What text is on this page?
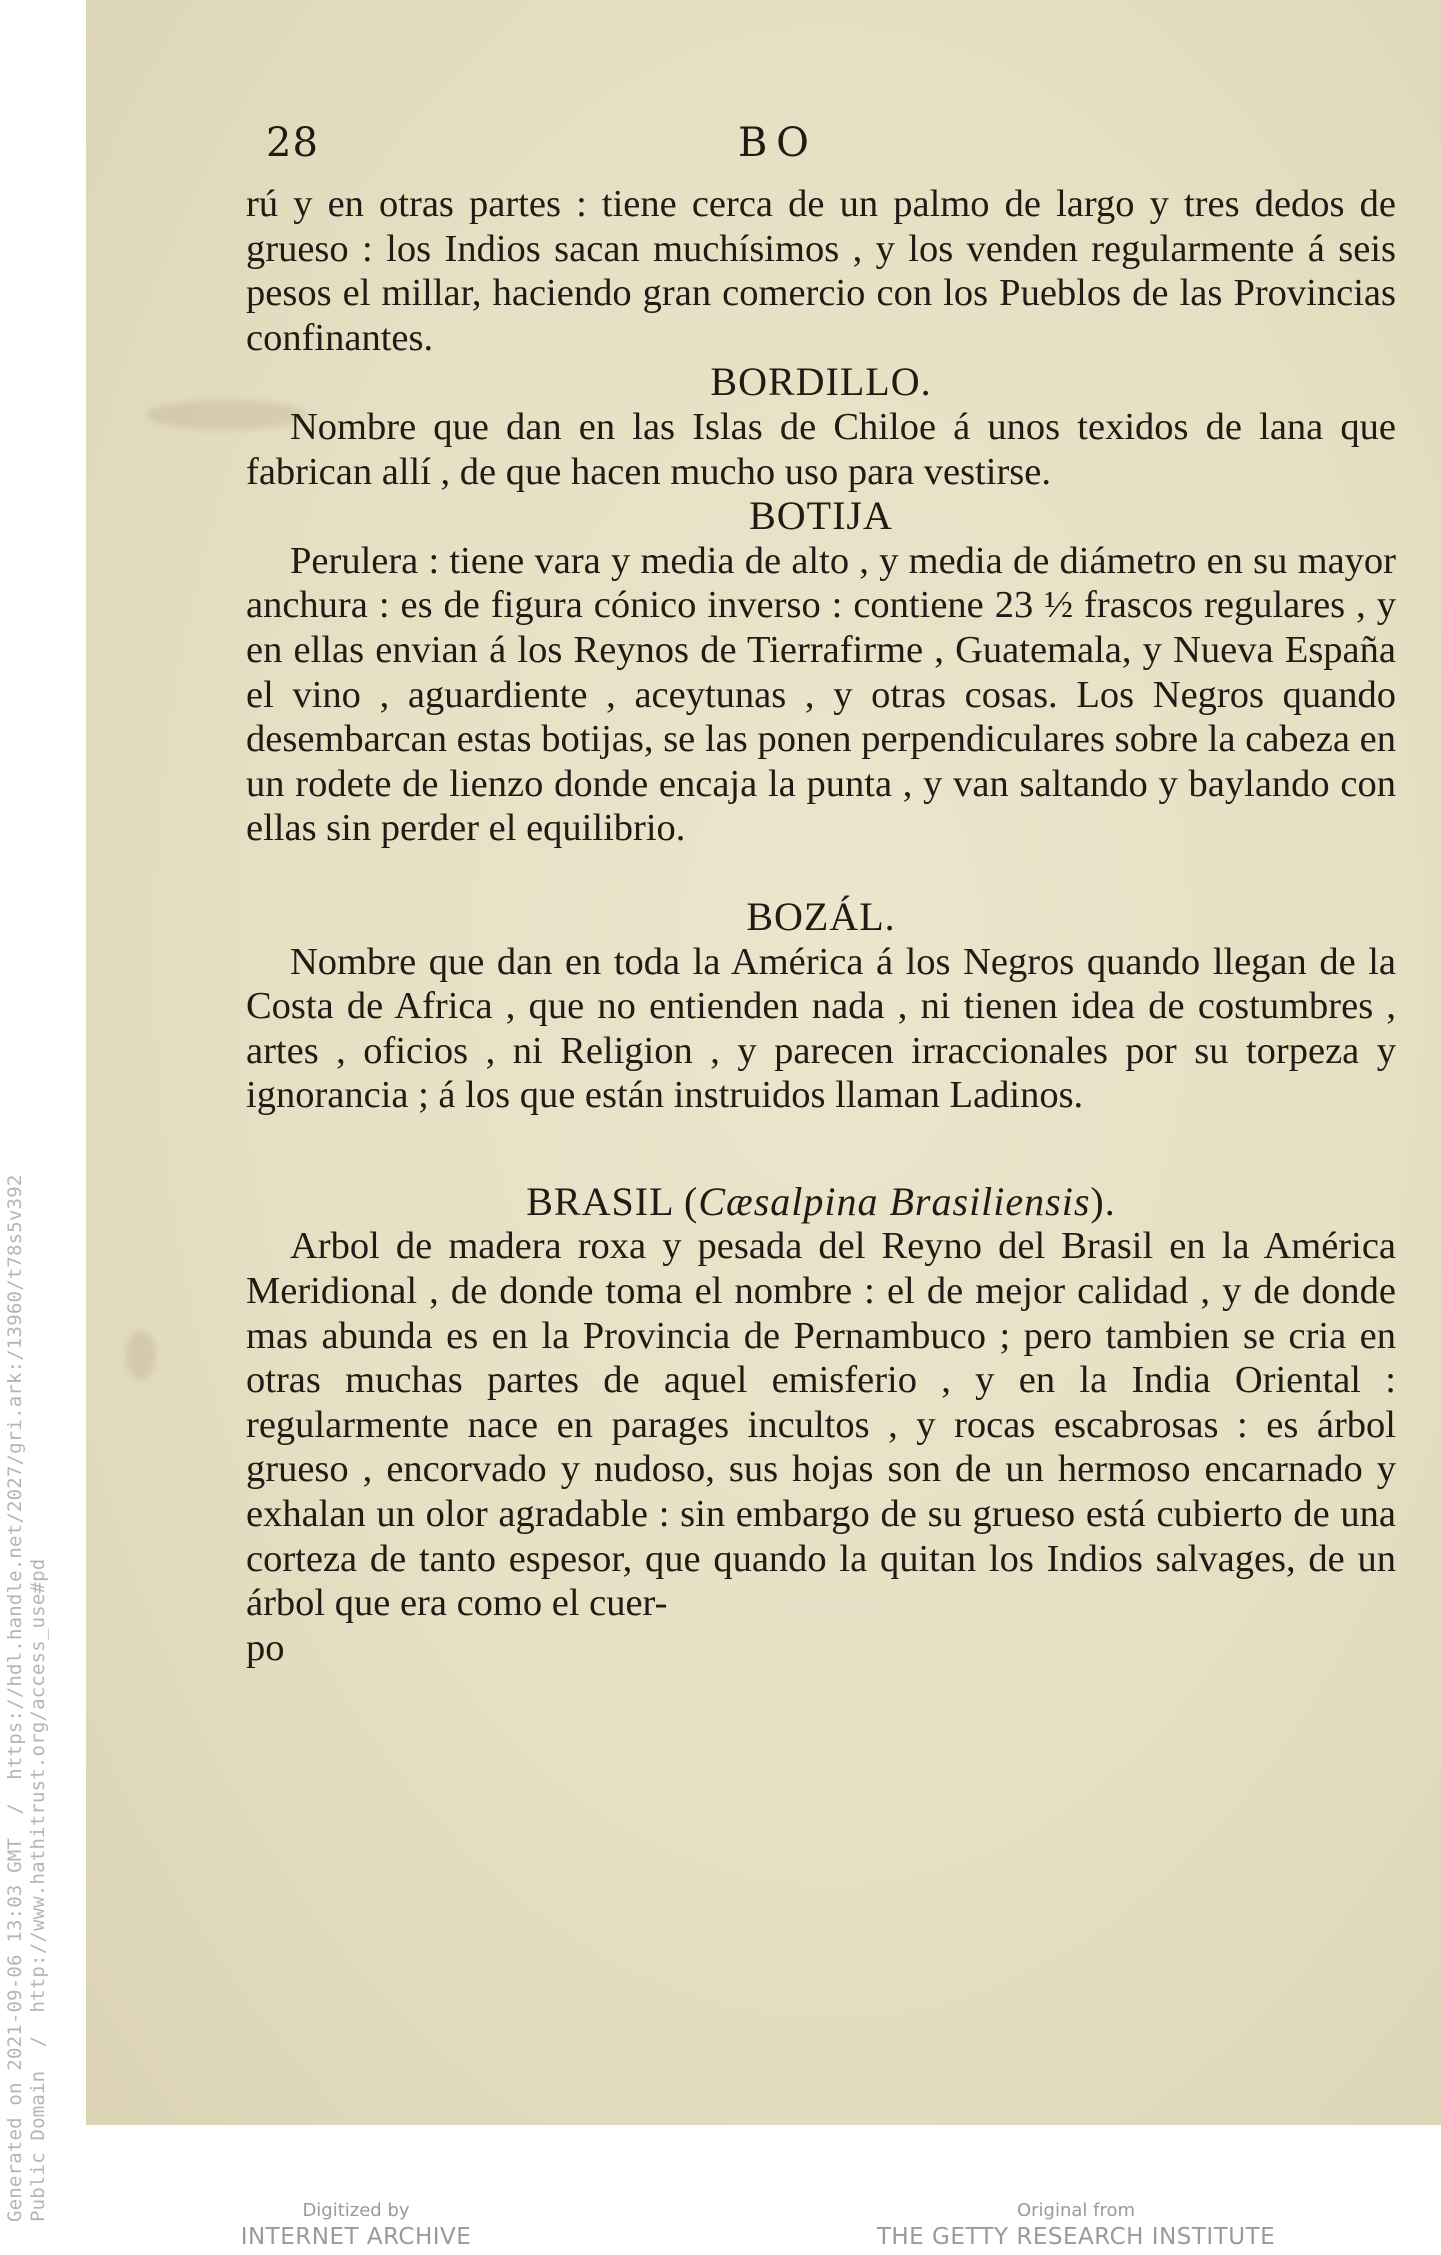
Generated on 2021-09-06 13:03 GMT  /  https://hdl.handle.net/2027/gri.ark:/13960/t78s5v392
Public Domain  /  http://www.hathitrust.org/access_use#pd
28	BO

rú y en otras partes : tiene cerca de un palmo de largo y tres dedos de grueso : los Indios sacan muchísimos , y los venden regularmente á seis pesos el millar, haciendo gran comercio con los Pueblos de las Provincias confinantes.

BORDILLO.

Nombre que dan en las Islas de Chiloe á unos texidos de lana que fabrican allí , de que hacen mucho uso para vestirse.

BOTIJA

Perulera : tiene vara y media de alto , y media de diámetro en su mayor anchura : es de figura cónico inverso : contiene 23 ½ frascos regulares , y en ellas envian á los Reynos de Tierrafirme , Guatemala, y Nueva España el vino , aguardiente , aceytunas , y otras cosas. Los Negros quando desembarcan estas botijas, se las ponen perpendiculares sobre la cabeza en un rodete de lienzo donde encaja la punta , y van saltando y baylando con ellas sin perder el equilibrio.

BOZÁL.

Nombre que dan en toda la América á los Negros quando llegan de la Costa de Africa , que no entienden nada , ni tienen idea de costumbres , artes , oficios , ni Religion , y parecen irraccionales por su torpeza y ignorancia ; á los que están instruidos llaman Ladinos.

BRASIL (Cæsalpina Brasiliensis).

Arbol de madera roxa y pesada del Reyno del Brasil en la América Meridional , de donde toma el nombre : el de mejor calidad , y de donde mas abunda es en la Provincia de Pernambuco ; pero tambien se cria en otras muchas partes de aquel emisferio , y en la India Oriental : regularmente nace en parages incultos , y rocas escabrosas : es árbol grueso , encorvado y nudoso, sus hojas son de un hermoso encarnado y exhalan un olor agradable : sin embargo de su grueso está cubierto de una corteza de tanto espesor, que quando la quitan los Indios salvages, de un árbol que era como el cuer-

po

Digitized by
INTERNET ARCHIVE
Original from
THE GETTY RESEARCH INSTITUTE
